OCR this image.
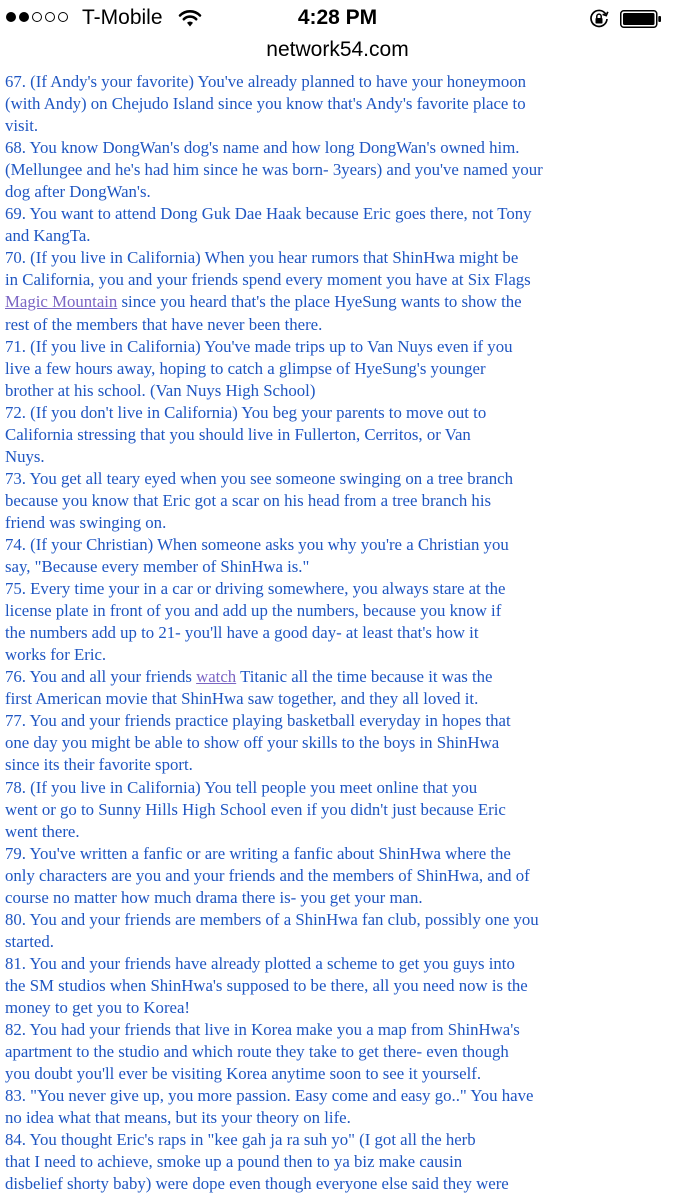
T-Mobile	4:28 PM
network54.com
67. (If Andy's your favorite) You've already planned to have your honeymoon
(with Andy) on Chejudo Island since you know that's Andy's favorite place to
visit.
68. You know DongWan's dog's name and how long DongWan's owned him.
(Mellungee and he's had him since he was born- 3years) and you've named your
dog after DongWan's.
69. You want to attend Dong Guk Dae Haak because Eric goes there, not Tony
and KangTa.
70. (If you live in California) When you hear rumors that ShinHwa might be
in California, you and your friends spend every moment you have at Six Flags
Magic Mountain since you heard that's the place HyeSung wants to show the
rest of the members that have never been there.
71. (If you live in California) You've made trips up to Van Nuys even if you
live a few hours away, hoping to catch a glimpse of HyeSung's younger
brother at his school. (Van Nuys High School)
72. (If you don't live in California) You beg your parents to move out to
California stressing that you should live in Fullerton, Cerritos, or Van
Nuys.
73. You get all teary eyed when you see someone swinging on a tree branch
because you know that Eric got a scar on his head from a tree branch his
friend was swinging on.
74. (If your Christian) When someone asks you why you're a Christian you
say, "Because every member of ShinHwa is."
75. Every time your in a car or driving somewhere, you always stare at the
license plate in front of you and add up the numbers, because you know if
the numbers add up to 21- you'll have a good day- at least that's how it
works for Eric.
76. You and all your friends watch Titanic all the time because it was the
first American movie that ShinHwa saw together, and they all loved it.
77. You and your friends practice playing basketball everyday in hopes that
one day you might be able to show off your skills to the boys in ShinHwa
since its their favorite sport.
78. (If you live in California) You tell people you meet online that you
went or go to Sunny Hills High School even if you didn't just because Eric
went there.
79. You've written a fanfic or are writing a fanfic about ShinHwa where the
only characters are you and your friends and the members of ShinHwa, and of
course no matter how much drama there is- you get your man.
80. You and your friends are members of a ShinHwa fan club, possibly one you
started.
81. You and your friends have already plotted a scheme to get you guys into
the SM studios when ShinHwa's supposed to be there, all you need now is the
money to get you to Korea!
82. You had your friends that live in Korea make you a map from ShinHwa's
apartment to the studio and which route they take to get there- even though
you doubt you'll ever be visiting Korea anytime soon to see it yourself.
83. "You never give up, you more passion. Easy come and easy go.." You have
no idea what that means, but its your theory on life.
84. You thought Eric's raps in "kee gah ja ra suh yo" (I got all the herb
that I need to achieve, smoke up a pound then to ya biz make causin
disbelief shorty baby) were dope even though everyone else said they were
